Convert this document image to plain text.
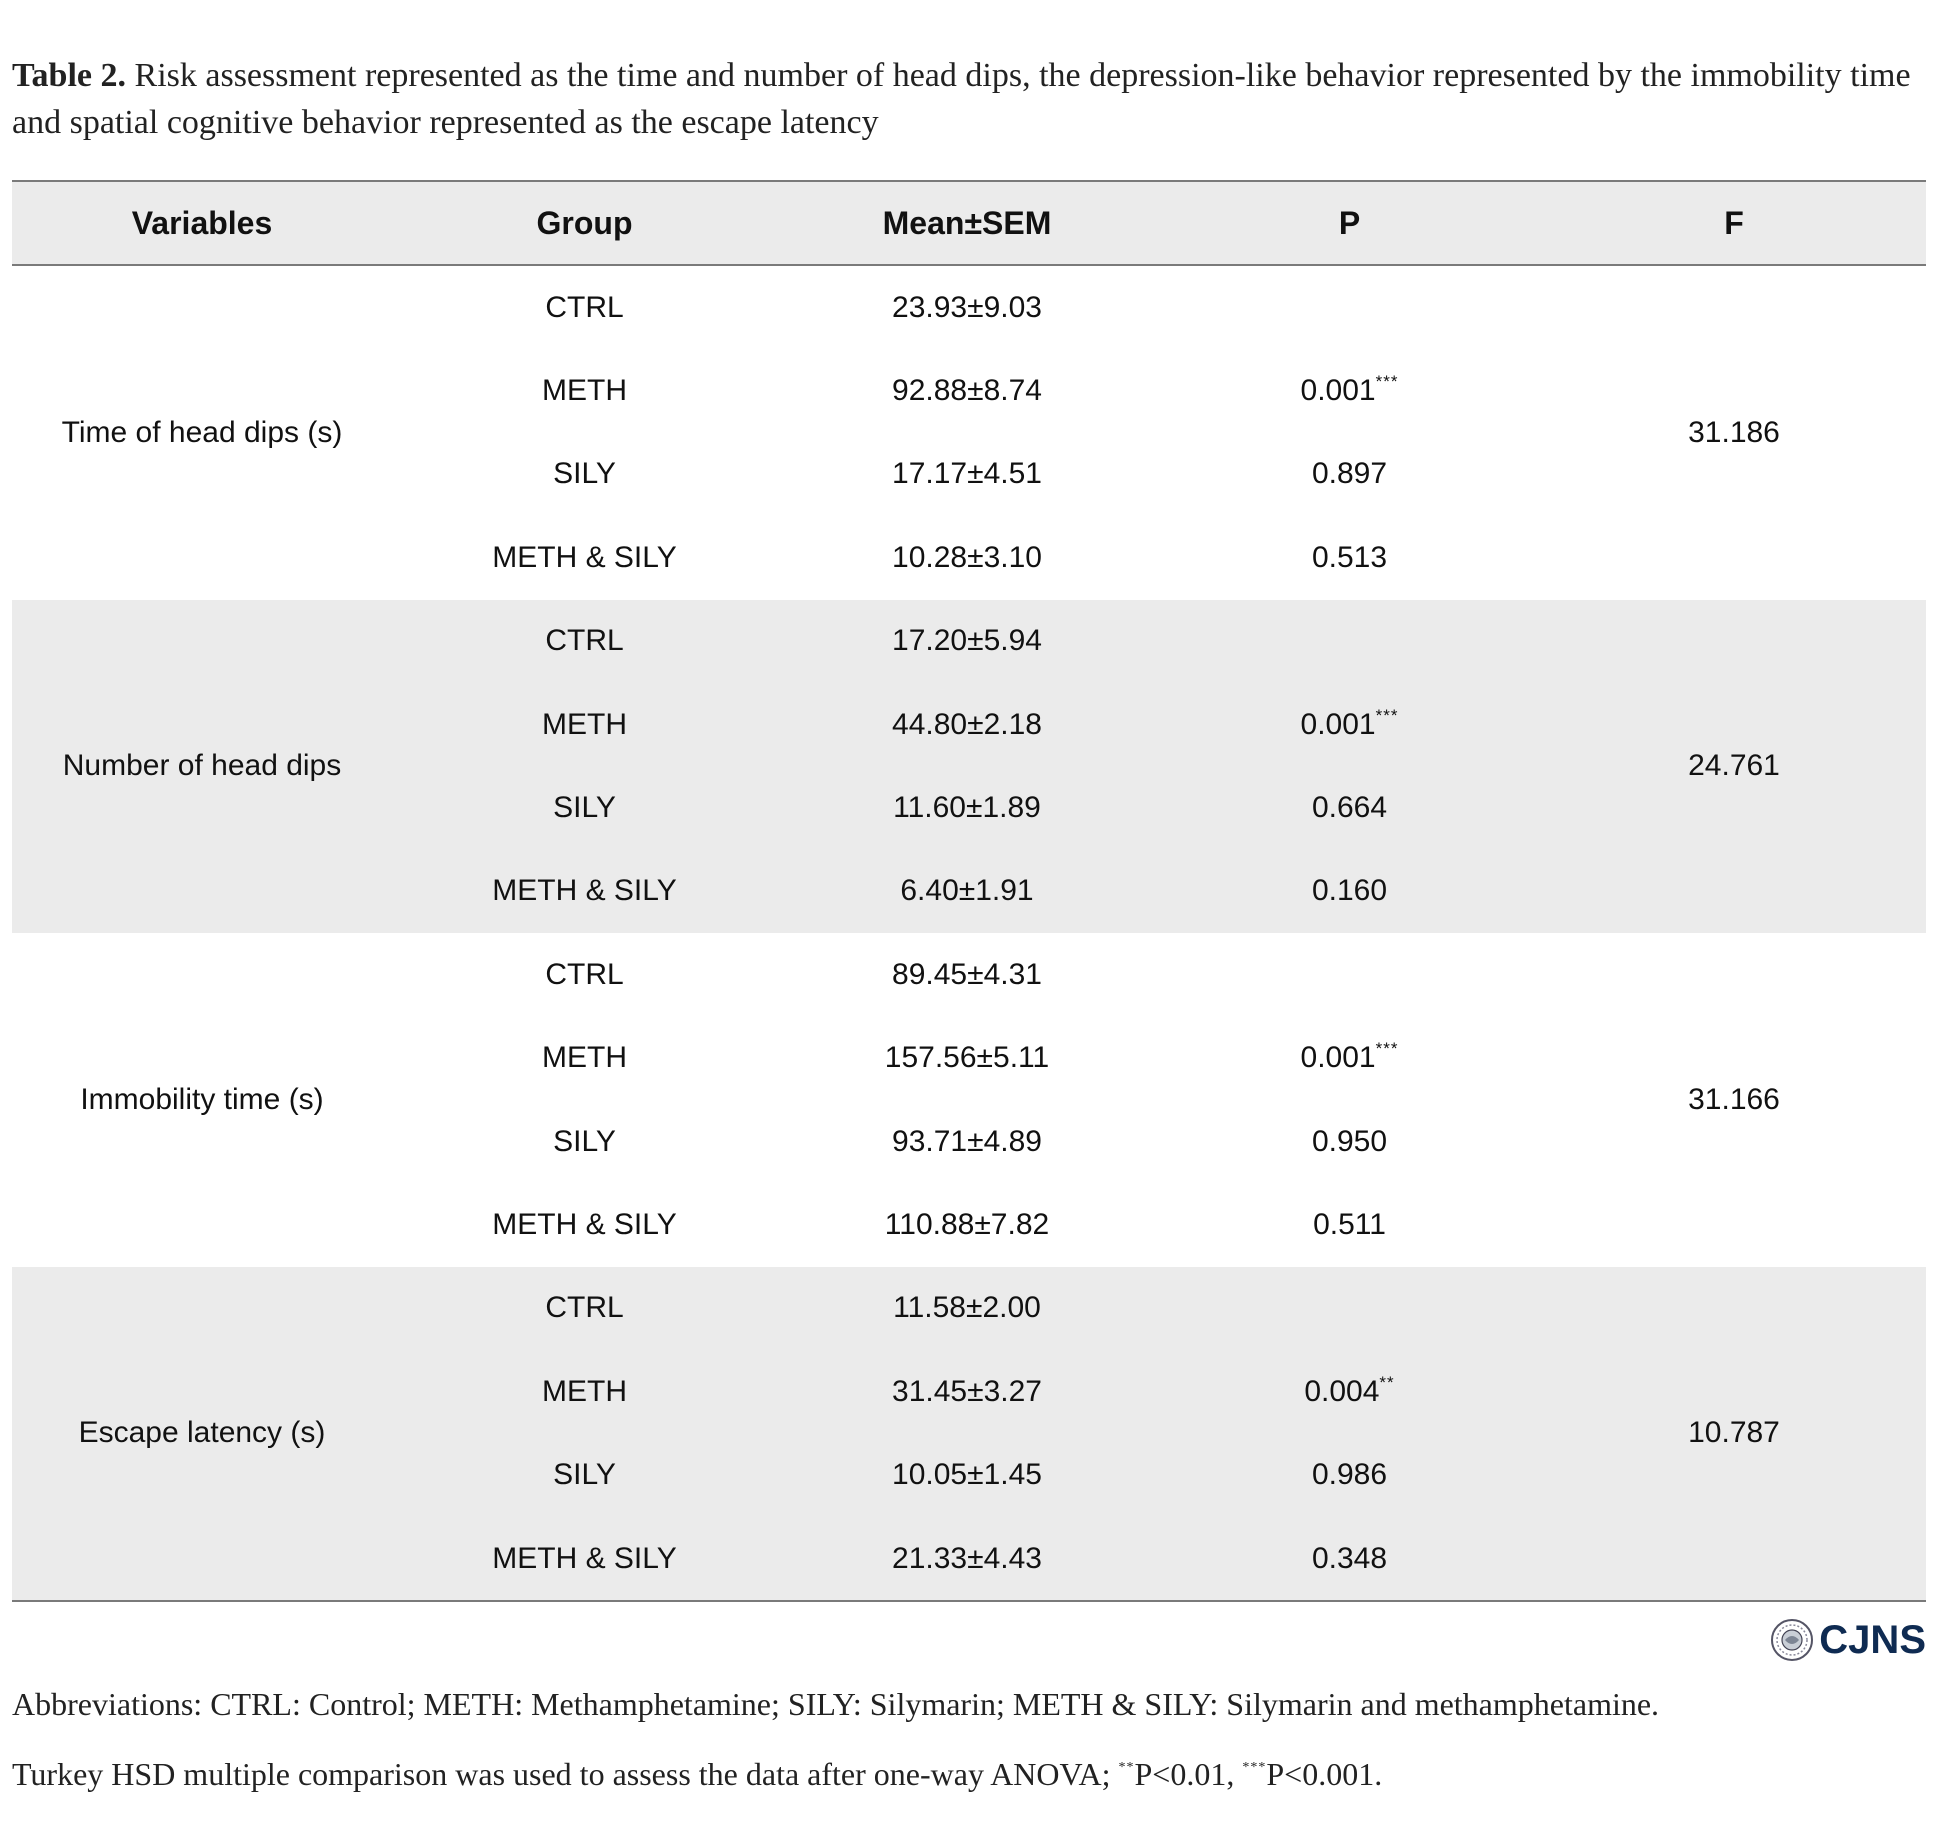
Table 2. Risk assessment represented as the time and number of head dips, the depression-like behavior represented by the immobility time and spatial cognitive behavior represented as the escape latency
Variables	Group	Mean±SEM	P	F
Time of head dips (s)	CTRL	23.93±9.03		31.186
	METH	92.88±8.74	0.001***
	SILY	17.17±4.51	0.897	
	METH & SILY	10.28±3.10	0.513	
Number of head dips	CTRL	17.20±5.94		24.761
	METH	44.80±2.18	0.001***
	SILY	11.60±1.89	0.664	
	METH & SILY	6.40±1.91	0.160	
Immobility time (s)	CTRL	89.45±4.31		31.166
	METH	157.56±5.11	0.001***
	SILY	93.71±4.89	0.950	
	METH & SILY	110.88±7.82	0.511	
Escape latency (s)	CTRL	11.58±2.00		10.787
	METH	31.45±3.27	0.004**
	SILY	10.05±1.45	0.986	
	METH & SILY	21.33±4.43	0.348	
CJNS
Abbreviations: CTRL: Control; METH: Methamphetamine; SILY: Silymarin; METH & SILY: Silymarin and methamphetamine.
Turkey HSD multiple comparison was used to assess the data after one-way ANOVA; **P<0.01, ***P<0.001.
